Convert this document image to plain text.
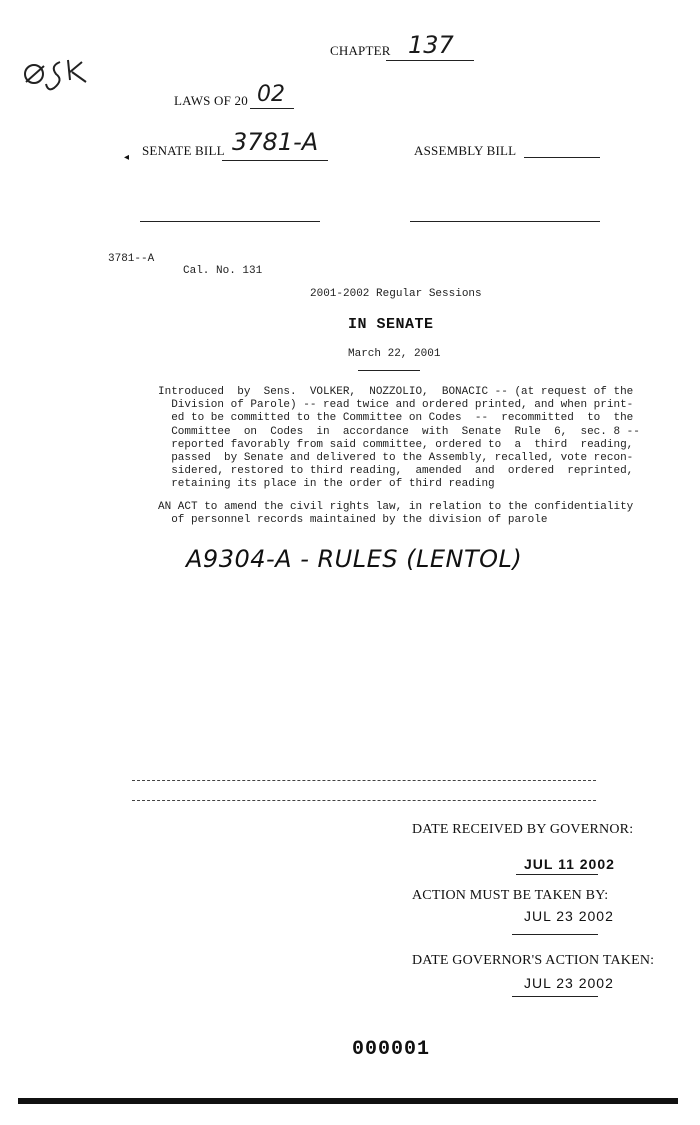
CHAPTER 137
LAWS OF 20 02
◂ SENATE BILL 3781-A	ASSEMBLY BILL
3781--A
Cal. No. 131
2001-2002 Regular Sessions
IN SENATE
March 22, 2001
Introduced  by  Sens.  VOLKER,  NOZZOLIO,  BONACIC -- (at request of the
Division of Parole) -- read twice and ordered printed, and when print-
ed to be committed to the Committee on Codes  --  recommitted  to  the
Committee  on  Codes  in  accordance  with  Senate  Rule  6,  sec. 8 --
reported favorably from said committee, ordered to  a  third  reading,
passed  by Senate and delivered to the Assembly, recalled, vote recon-
sidered, restored to third reading,  amended  and  ordered  reprinted,
retaining its place in the order of third reading
AN ACT to amend the civil rights law, in relation to the confidentiality
of personnel records maintained by the division of parole
A9304-A - RULES (LENTOL)
DATE RECEIVED BY GOVERNOR:
JUL 11 2002
ACTION MUST BE TAKEN BY:
JUL 23 2002
DATE GOVERNOR'S ACTION TAKEN:
JUL 23 2002
000001
